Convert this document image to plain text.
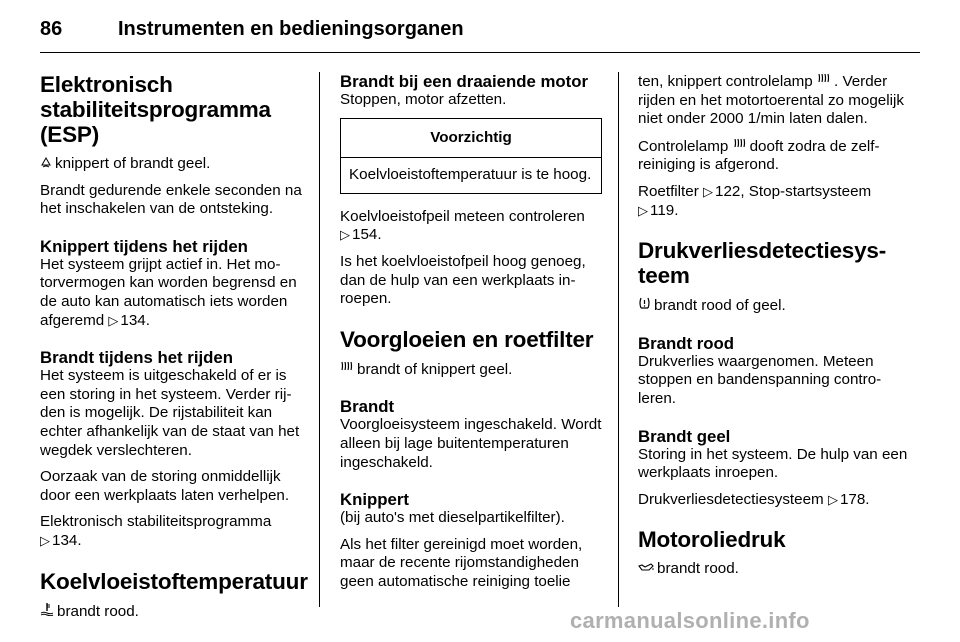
86	Instrumenten en bedieningsorganen
Elektronisch stabiliteitsprogramma (ESP)

knippert of brandt geel.

Brandt gedurende enkele seconden na het inschakelen van de ontsteking.

Knippert tijdens het rijden

Het systeem grijpt actief in. Het motorvermogen kan worden begrensd en de auto kan automatisch iets worden afgeremd ▷ 134.

Brandt tijdens het rijden

Het systeem is uitgeschakeld of er is een storing in het systeem. Verder rijden is mogelijk. De rijstabiliteit kan echter afhankelijk van de staat van het wegdek verslechteren.

Oorzaak van de storing onmiddellijk door een werkplaats laten verhelpen.

Elektronisch stabiliteitsprogramma
▷ 134.

Koelvloeistoftemperatuur

brandt rood.

Brandt bij een draaiende motor

Stoppen, motor afzetten.

Voorzichtig
Koelvloeistoftemperatuur is te hoog.

Koelvloeistofpeil meteen controleren
▷ 154.

Is het koelvloeistofpeil hoog genoeg, dan de hulp van een werkplaats inroepen.

Voorgloeien en roetfilter

brandt of knippert geel.

Brandt

Voorgloeisysteem ingeschakeld. Wordt alleen bij lage buitentemperaturen ingeschakeld.

Knippert

(bij auto's met dieselpartikelfilter).

Als het filter gereinigd moet worden, maar de recente rijomstandigheden geen automatische reiniging toelie

ten, knippert controlelamp . Verder rijden en het motortoerental zo mogelijk niet onder 2000 1/min laten dalen.

Controlelamp dooft zodra de zelfreiniging is afgerond.

Roetfilter ▷ 122, Stop-startsysteem
▷ 119.

Drukverliesdetectiesysteem

brandt rood of geel.

Brandt rood

Drukverlies waargenomen. Meteen stoppen en bandenspanning controleren.

Brandt geel

Storing in het systeem. De hulp van een werkplaats inroepen.

Drukverliesdetectiesysteem ▷ 178.

Motoroliedruk

brandt rood.

carmanualsonline.info
